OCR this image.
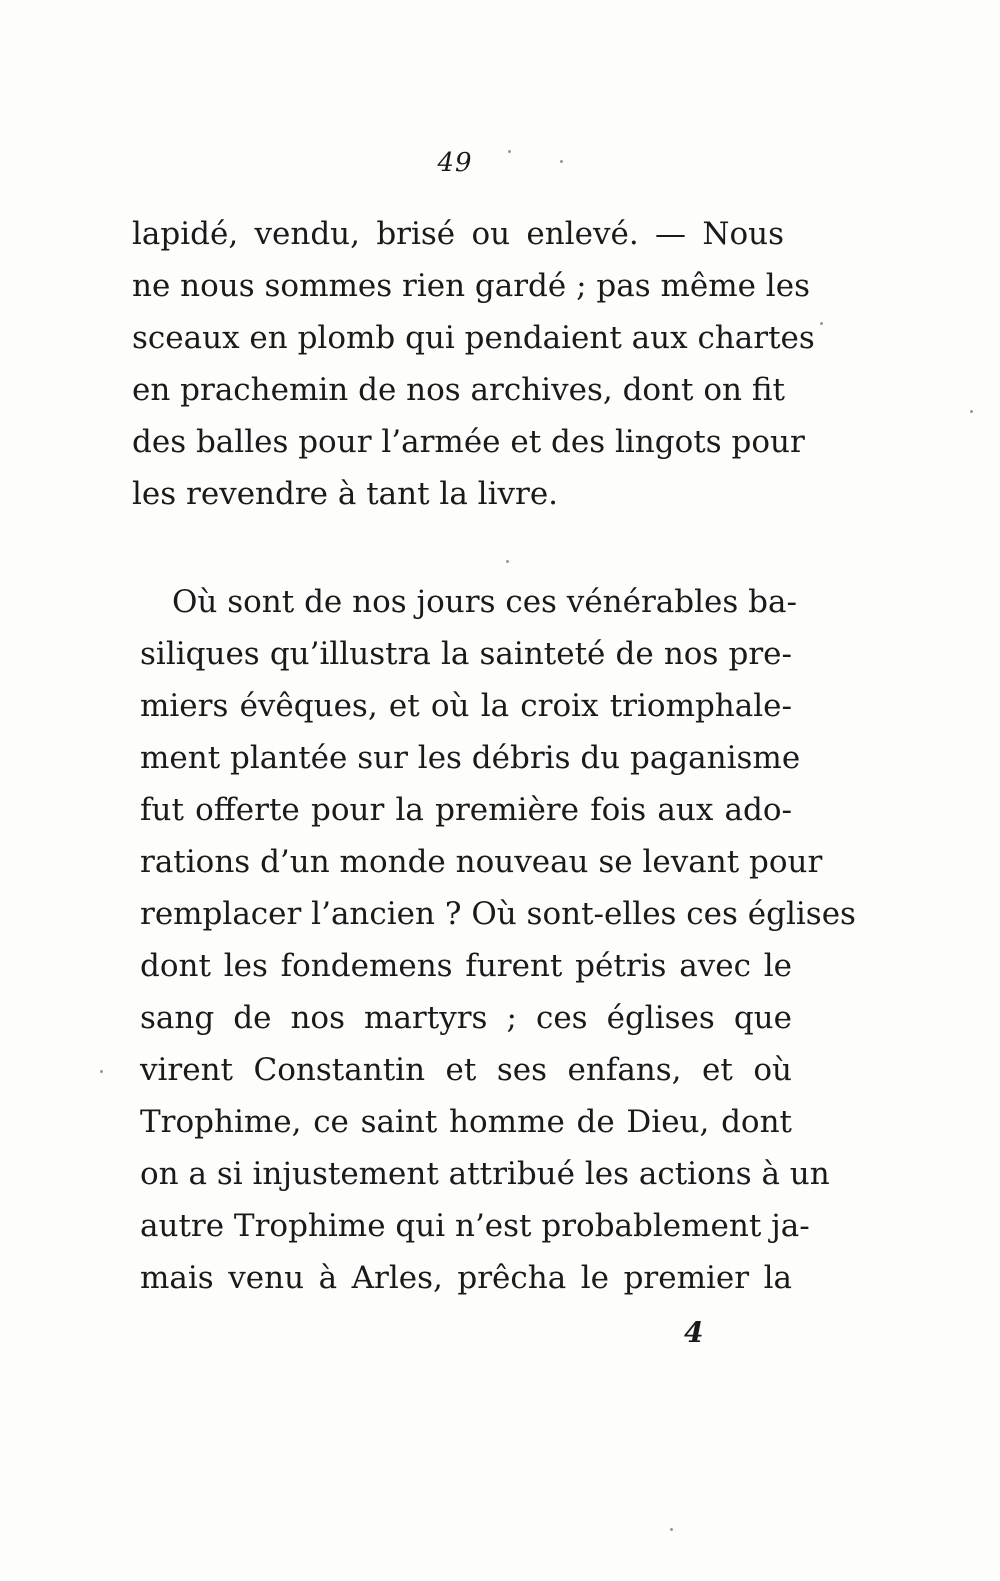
49
lapidé, vendu, brisé ou enlevé. — Nous
ne nous sommes rien gardé ; pas même les
sceaux en plomb qui pendaient aux chartes
en prachemin de nos archives, dont on fit
des balles pour l’armée et des lingots pour
les revendre à tant la livre.
Où sont de nos jours ces vénérables ba-
siliques qu’illustra la sainteté de nos pre-
miers évêques, et où la croix triomphale-
ment plantée sur les débris du paganisme
fut offerte pour la première fois aux ado-
rations d’un monde nouveau se levant pour
remplacer l’ancien ? Où sont-elles ces églises
dont les fondemens furent pétris avec le
sang de nos martyrs ; ces églises que
virent Constantin et ses enfans, et où
Trophime, ce saint homme de Dieu, dont
on a si injustement attribué les actions à un
autre Trophime qui n’est probablement ja-
mais venu à Arles, prêcha le premier la
4
